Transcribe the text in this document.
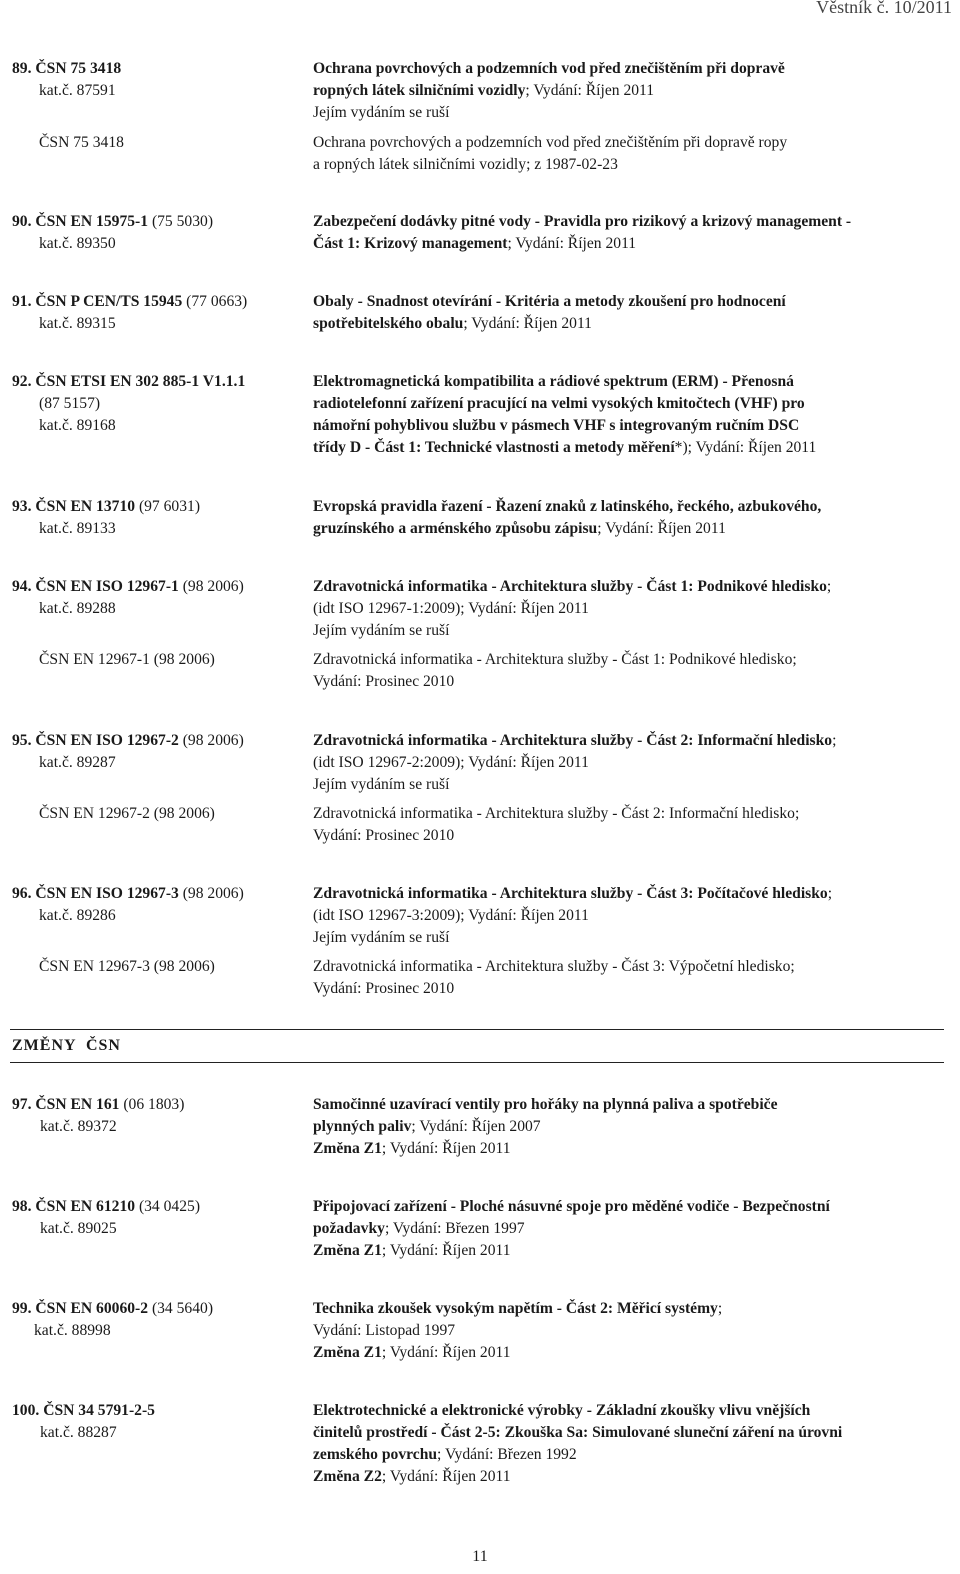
Věstník č. 10/2011
89. ČSN 75 3418	Ochrana povrchových a podzemních vod před znečištěním při dopravě
kat.č. 87591	ropných látek silničními vozidly; Vydání: Říjen 2011
Jejím vydáním se ruší
ČSN 75 3418	Ochrana povrchových a podzemních vod před znečištěním při dopravě ropy
a ropných látek silničními vozidly; z 1987-02-23
90. ČSN EN 15975-1 (75 5030)	Zabezpečení dodávky pitné vody - Pravidla pro rizikový a krizový management -
kat.č. 89350	Část 1: Krizový management; Vydání: Říjen 2011
91. ČSN P CEN/TS 15945 (77 0663)	Obaly - Snadnost otevírání - Kritéria a metody zkoušení pro hodnocení
kat.č. 89315	spotřebitelského obalu; Vydání: Říjen 2011
92. ČSN ETSI EN 302 885-1 V1.1.1	Elektromagnetická kompatibilita a rádiové spektrum (ERM) - Přenosná
(87 5157)	radiotelefonní zařízení pracující na velmi vysokých kmitočtech (VHF) pro
kat.č. 89168	námořní pohyblivou službu v pásmech VHF s integrovaným ručním DSC
třídy D - Část 1: Technické vlastnosti a metody měření*); Vydání: Říjen 2011
93. ČSN EN 13710 (97 6031)	Evropská pravidla řazení - Řazení znaků z latinského, řeckého, azbukového,
kat.č. 89133	gruzínského a arménského způsobu zápisu; Vydání: Říjen 2011
94. ČSN EN ISO 12967-1 (98 2006)	Zdravotnická informatika - Architektura služby - Část 1: Podnikové hledisko;
kat.č. 89288	(idt ISO 12967-1:2009); Vydání: Říjen 2011
Jejím vydáním se ruší
ČSN EN 12967-1 (98 2006)	Zdravotnická informatika - Architektura služby - Část 1: Podnikové hledisko;
Vydání: Prosinec 2010
95. ČSN EN ISO 12967-2 (98 2006)	Zdravotnická informatika - Architektura služby - Část 2: Informační hledisko;
kat.č. 89287	(idt ISO 12967-2:2009); Vydání: Říjen 2011
Jejím vydáním se ruší
ČSN EN 12967-2 (98 2006)	Zdravotnická informatika - Architektura služby - Část 2: Informační hledisko;
Vydání: Prosinec 2010
96. ČSN EN ISO 12967-3 (98 2006)	Zdravotnická informatika - Architektura služby - Část 3: Počítačové hledisko;
kat.č. 89286	(idt ISO 12967-3:2009); Vydání: Říjen 2011
Jejím vydáním se ruší
ČSN EN 12967-3 (98 2006)	Zdravotnická informatika - Architektura služby - Část 3: Výpočetní hledisko;
Vydání: Prosinec 2010
ZMĚNY  ČSN
97. ČSN EN 161 (06 1803)	Samočinné uzavírací ventily pro hořáky na plynná paliva a spotřebiče
kat.č. 89372	plynných paliv; Vydání: Říjen 2007
Změna Z1; Vydání: Říjen 2011
98. ČSN EN 61210 (34 0425)	Připojovací zařízení - Ploché násuvné spoje pro měděné vodiče - Bezpečnostní
kat.č. 89025	požadavky; Vydání: Březen 1997
Změna Z1; Vydání: Říjen 2011
99. ČSN EN 60060-2 (34 5640)	Technika zkoušek vysokým napětím - Část 2: Měřicí systémy;
kat.č. 88998	Vydání: Listopad 1997
Změna Z1; Vydání: Říjen 2011
100. ČSN 34 5791-2-5	Elektrotechnické a elektronické výrobky - Základní zkoušky vlivu vnějších
kat.č. 88287	činitelů prostředí - Část 2-5: Zkouška Sa: Simulované sluneční záření na úrovni
zemského povrchu; Vydání: Březen 1992
Změna Z2; Vydání: Říjen 2011
11
